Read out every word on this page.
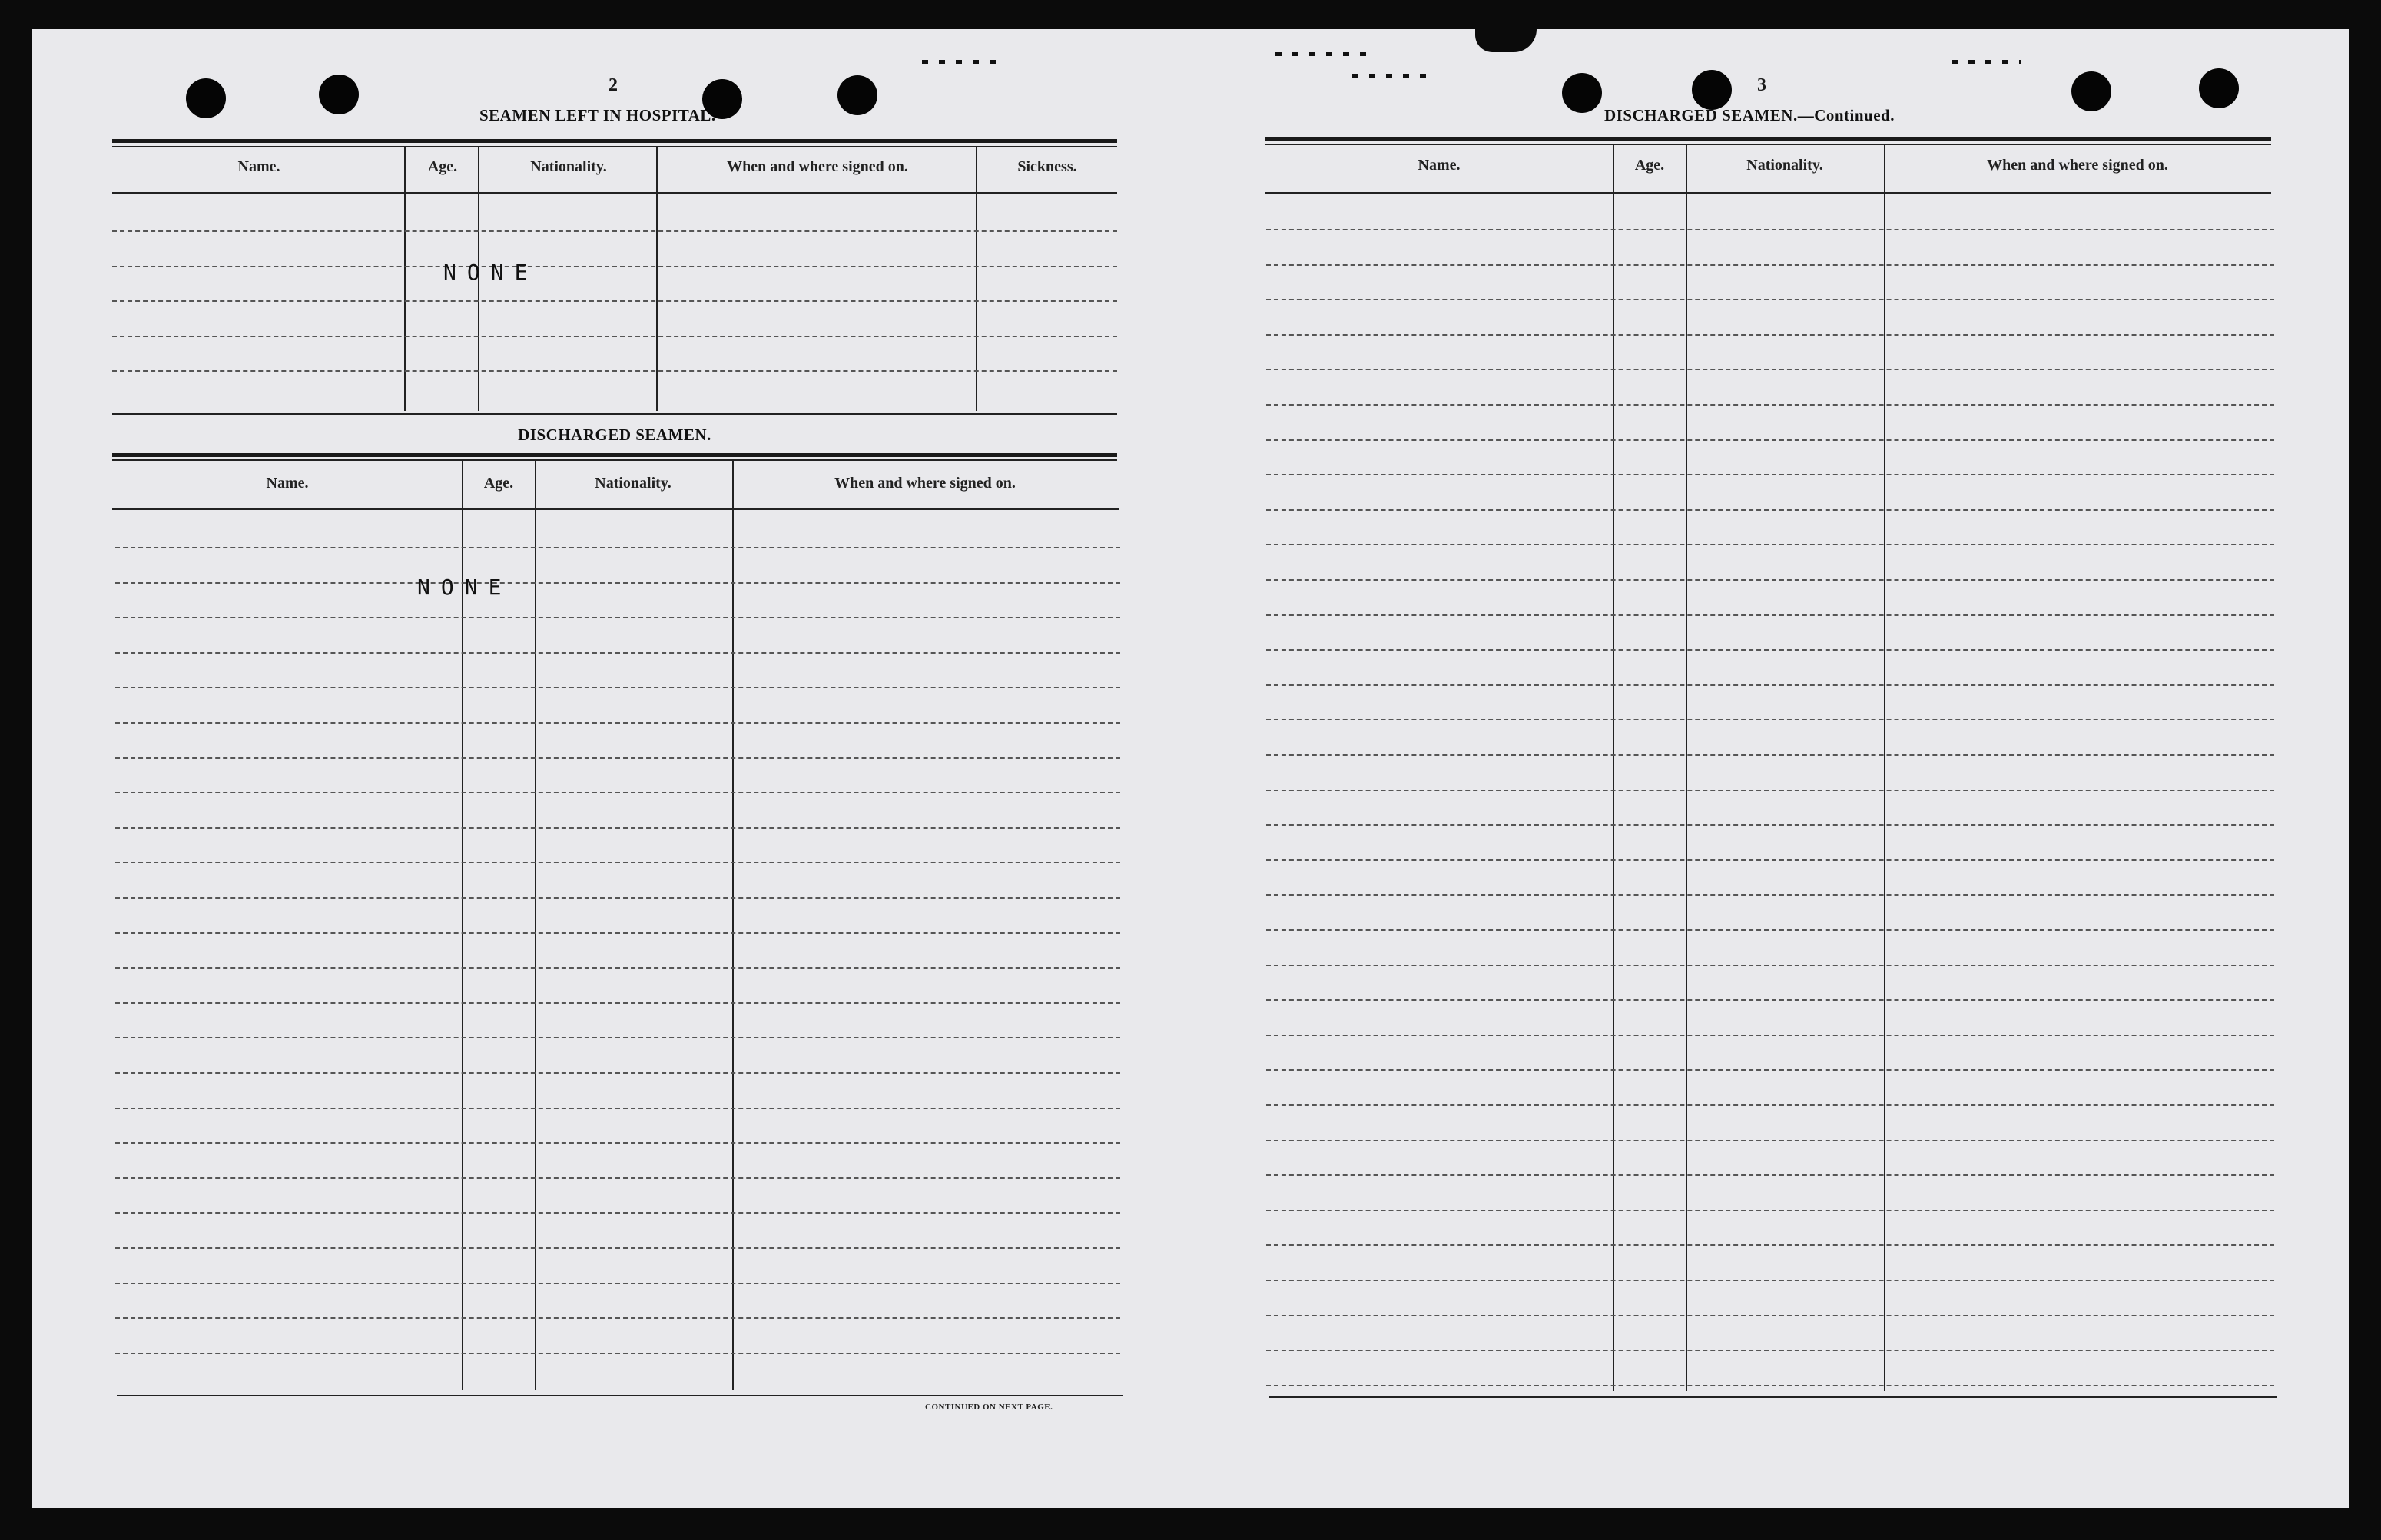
2
SEAMEN LEFT IN HOSPITAL.
Name.	Age.	Nationality.	When and where signed on.	Sickness.
NONE
DISCHARGED SEAMEN.
Name.	Age.	Nationality.	When and where signed on.
NONE
CONTINUED ON NEXT PAGE.
3
DISCHARGED SEAMEN.—Continued.
Name.	Age.	Nationality.	When and where signed on.
